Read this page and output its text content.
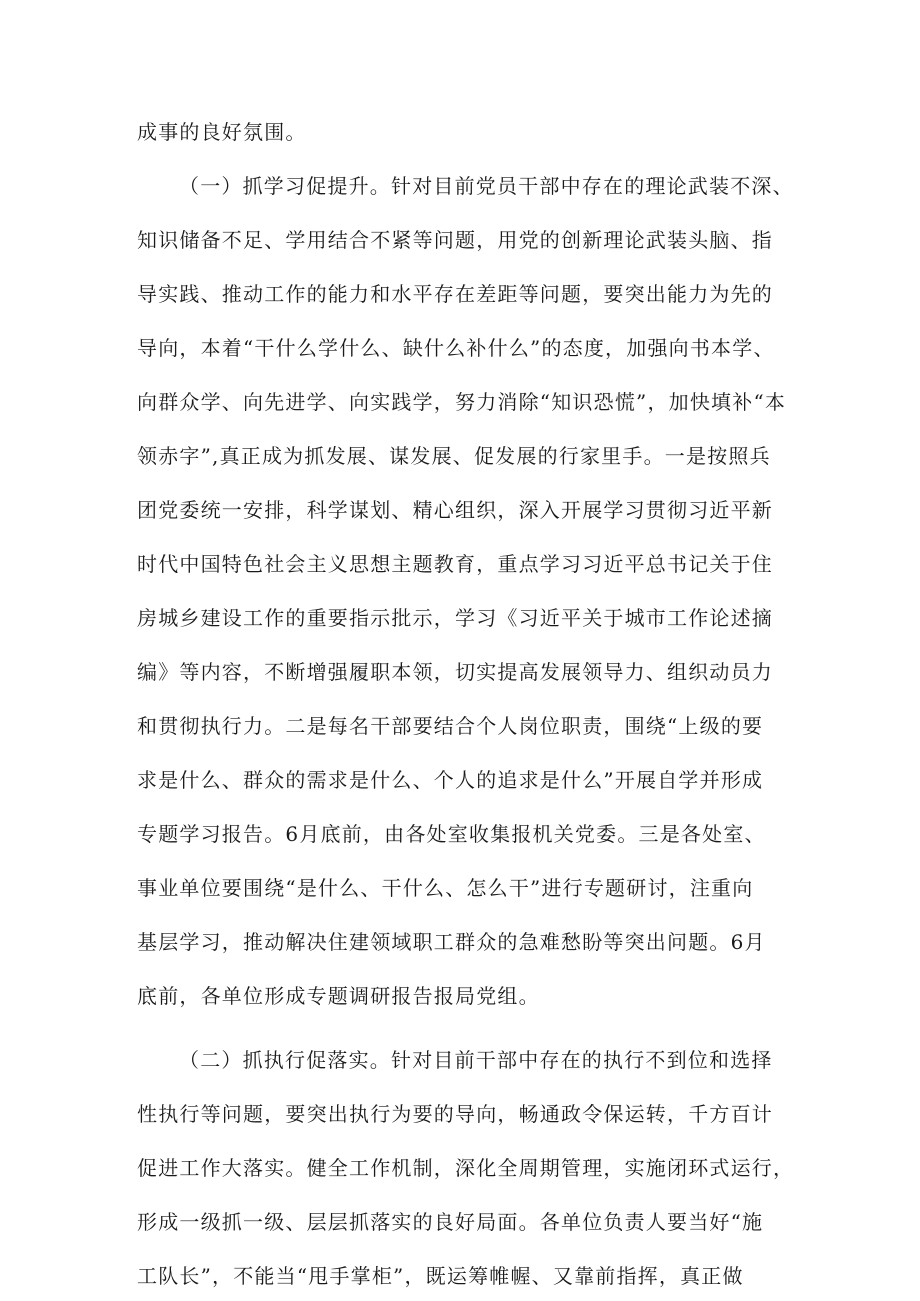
成事的良好氛围。
（一）抓学习促提升。针对目前党员干部中存在的理论武装不深、
知识储备不足、学用结合不紧等问题，用党的创新理论武装头脑、指
导实践、推动工作的能力和水平存在差距等问题，要突出能力为先的
导向，本着“干什么学什么、缺什么补什么”的态度，加强向书本学、
向群众学、向先进学、向实践学，努力消除“知识恐慌”，加快填补“本
领赤字”,真正成为抓发展、谋发展、促发展的行家里手。一是按照兵
团党委统一安排，科学谋划、精心组织，深入开展学习贯彻习近平新
时代中国特色社会主义思想主题教育，重点学习习近平总书记关于住
房城乡建设工作的重要指示批示，学习《习近平关于城市工作论述摘
编》等内容，不断增强履职本领，切实提高发展领导力、组织动员力
和贯彻执行力。二是每名干部要结合个人岗位职责，围绕“上级的要
求是什么、群众的需求是什么、个人的追求是什么”开展自学并形成
专题学习报告。6月底前，由各处室收集报机关党委。三是各处室、
事业单位要围绕“是什么、干什么、怎么干”进行专题研讨，注重向
基层学习，推动解决住建领域职工群众的急难愁盼等突出问题。6月
底前，各单位形成专题调研报告报局党组。
（二）抓执行促落实。针对目前干部中存在的执行不到位和选择
性执行等问题，要突出执行为要的导向，畅通政令保运转，千方百计
促进工作大落实。健全工作机制，深化全周期管理，实施闭环式运行，
形成一级抓一级、层层抓落实的良好局面。各单位负责人要当好“施
工队长”，不能当“甩手掌柜”，既运筹帷幄、又靠前指挥，真正做
